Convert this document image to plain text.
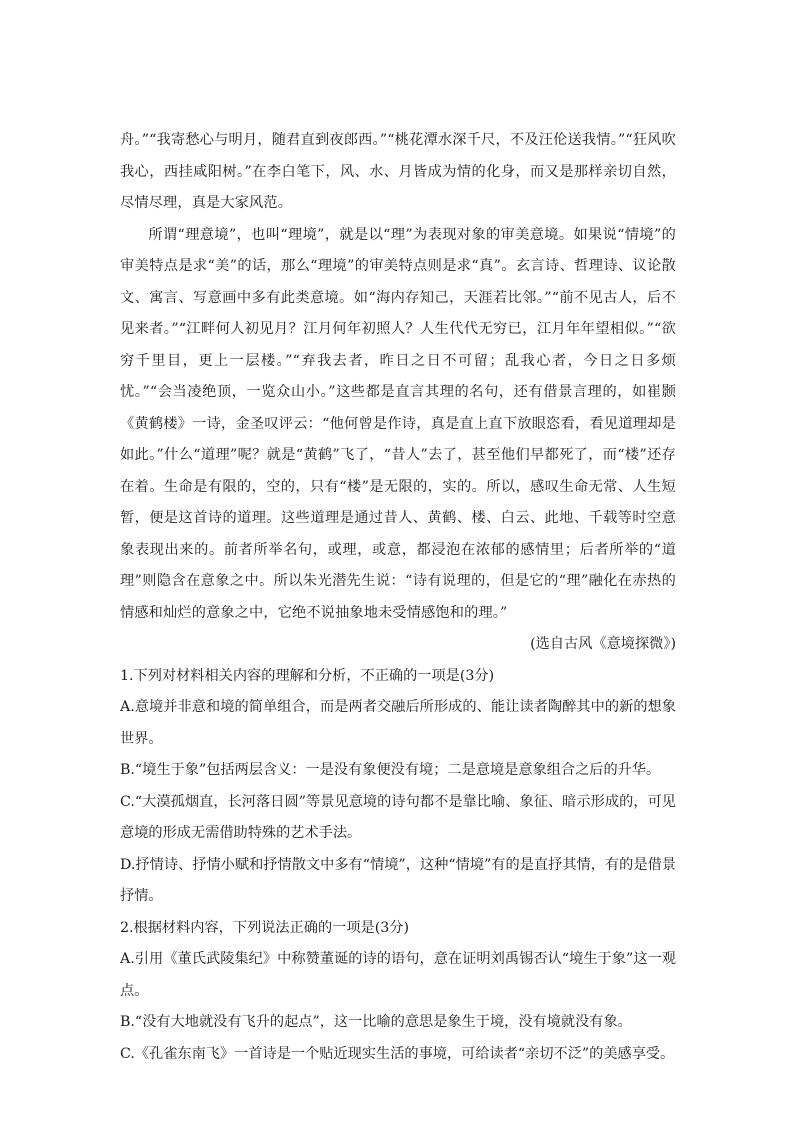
舟。”“我寄愁心与明月，随君直到夜郎西。”“桃花潭水深千尺，不及汪伦送我情。”“狂风吹我心，西挂咸阳树。”在李白笔下，风、水、月皆成为情的化身，而又是那样亲切自然，尽情尽理，真是大家风范。

所谓“理意境”，也叫“理境”，就是以“理”为表现对象的审美意境。如果说“情境”的审美特点是求“美”的话，那么“理境”的审美特点则是求“真”。玄言诗、哲理诗、议论散文、寓言、写意画中多有此类意境。如“海内存知己，天涯若比邻。”“前不见古人，后不见来者。”“江畔何人初见月？江月何年初照人？人生代代无穷已，江月年年望相似。”“欲穷千里目，更上一层楼。”“弃我去者，昨日之日不可留；乱我心者，今日之日多烦忧。”“会当凌绝顶，一览众山小。”这些都是直言其理的名句，还有借景言理的，如崔颢《黄鹤楼》一诗，金圣叹评云：“他何曾是作诗，真是直上直下放眼恣看，看见道理却是如此。”什么“道理”呢？就是“黄鹤”飞了，“昔人”去了，甚至他们早都死了，而“楼”还存在着。生命是有限的，空的，只有“楼”是无限的，实的。所以，感叹生命无常、人生短暂，便是这首诗的道理。这些道理是通过昔人、黄鹤、楼、白云、此地、千载等时空意象表现出来的。前者所举名句，或理，或意，都浸泡在浓郁的感情里；后者所举的“道理”则隐含在意象之中。所以朱光潜先生说：“诗有说理的，但是它的“理”融化在赤热的情感和灿烂的意象之中，它绝不说抽象地未受情感饱和的理。”

(选自古风《意境探微》)

1.下列对材料相关内容的理解和分析，不正确的一项是(3分)

A.意境并非意和境的简单组合，而是两者交融后所形成的、能让读者陶醉其中的新的想象世界。

B.“境生于象”包括两层含义：一是没有象便没有境；二是意境是意象组合之后的升华。

C.“大漠孤烟直，长河落日圆”等景见意境的诗句都不是靠比喻、象征、暗示形成的，可见意境的形成无需借助特殊的艺术手法。

D.抒情诗、抒情小赋和抒情散文中多有“情境”，这种“情境”有的是直抒其情，有的是借景抒情。

2.根据材料内容，下列说法正确的一项是(3分)

A.引用《董氏武陵集纪》中称赞董诞的诗的语句，意在证明刘禹锡否认“境生于象”这一观点。

B.“没有大地就没有飞升的起点”，这一比喻的意思是象生于境，没有境就没有象。

C.《孔雀东南飞》一首诗是一个贴近现实生活的事境，可给读者“亲切不泛”的美感享受。
